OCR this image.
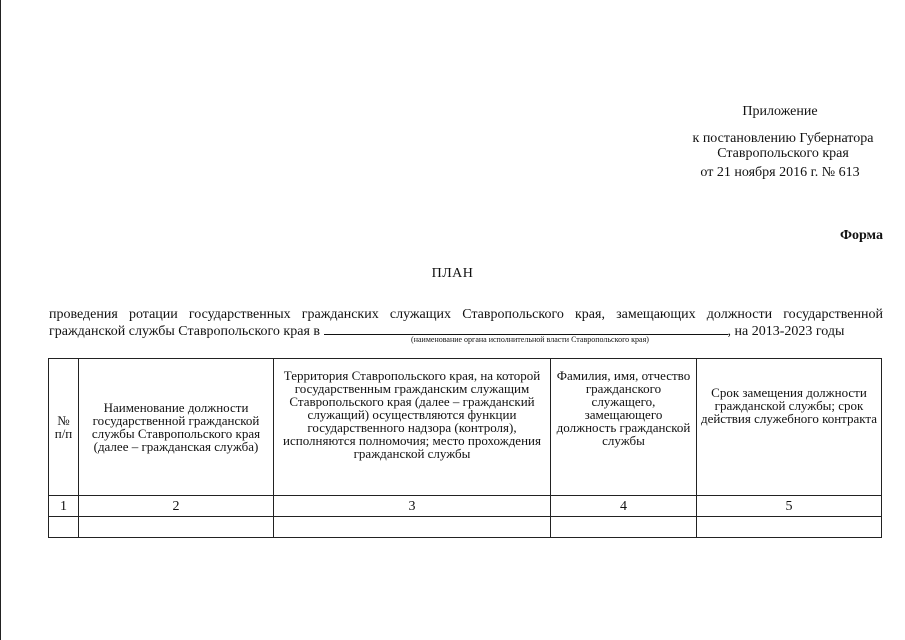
Приложение
к постановлению Губернатора
Ставропольского края
от 21 ноября 2016 г. № 613
Форма
ПЛАН
проведения ротации государственных гражданских служащих Ставропольского края, замещающих должности государственной гражданской службы Ставропольского края в	, на 2013-2023 годы
(наименование органа исполнительной власти Ставропольского края)
№ п/п	Наименование должности государственной гражданской службы Ставропольского края (далее – гражданская служба)	Территория Ставропольского края, на которой государственным гражданским служащим Ставропольского края (далее – гражданский служащий) осуществляются функции государственного надзора (контроля), исполняются полномочия; место прохождения гражданской службы	Фамилия, имя, отчество гражданского служащего, замещающего должность гражданской службы	Срок замещения должности гражданской службы; срок действия служебного контракта
1	2	3	4	5
